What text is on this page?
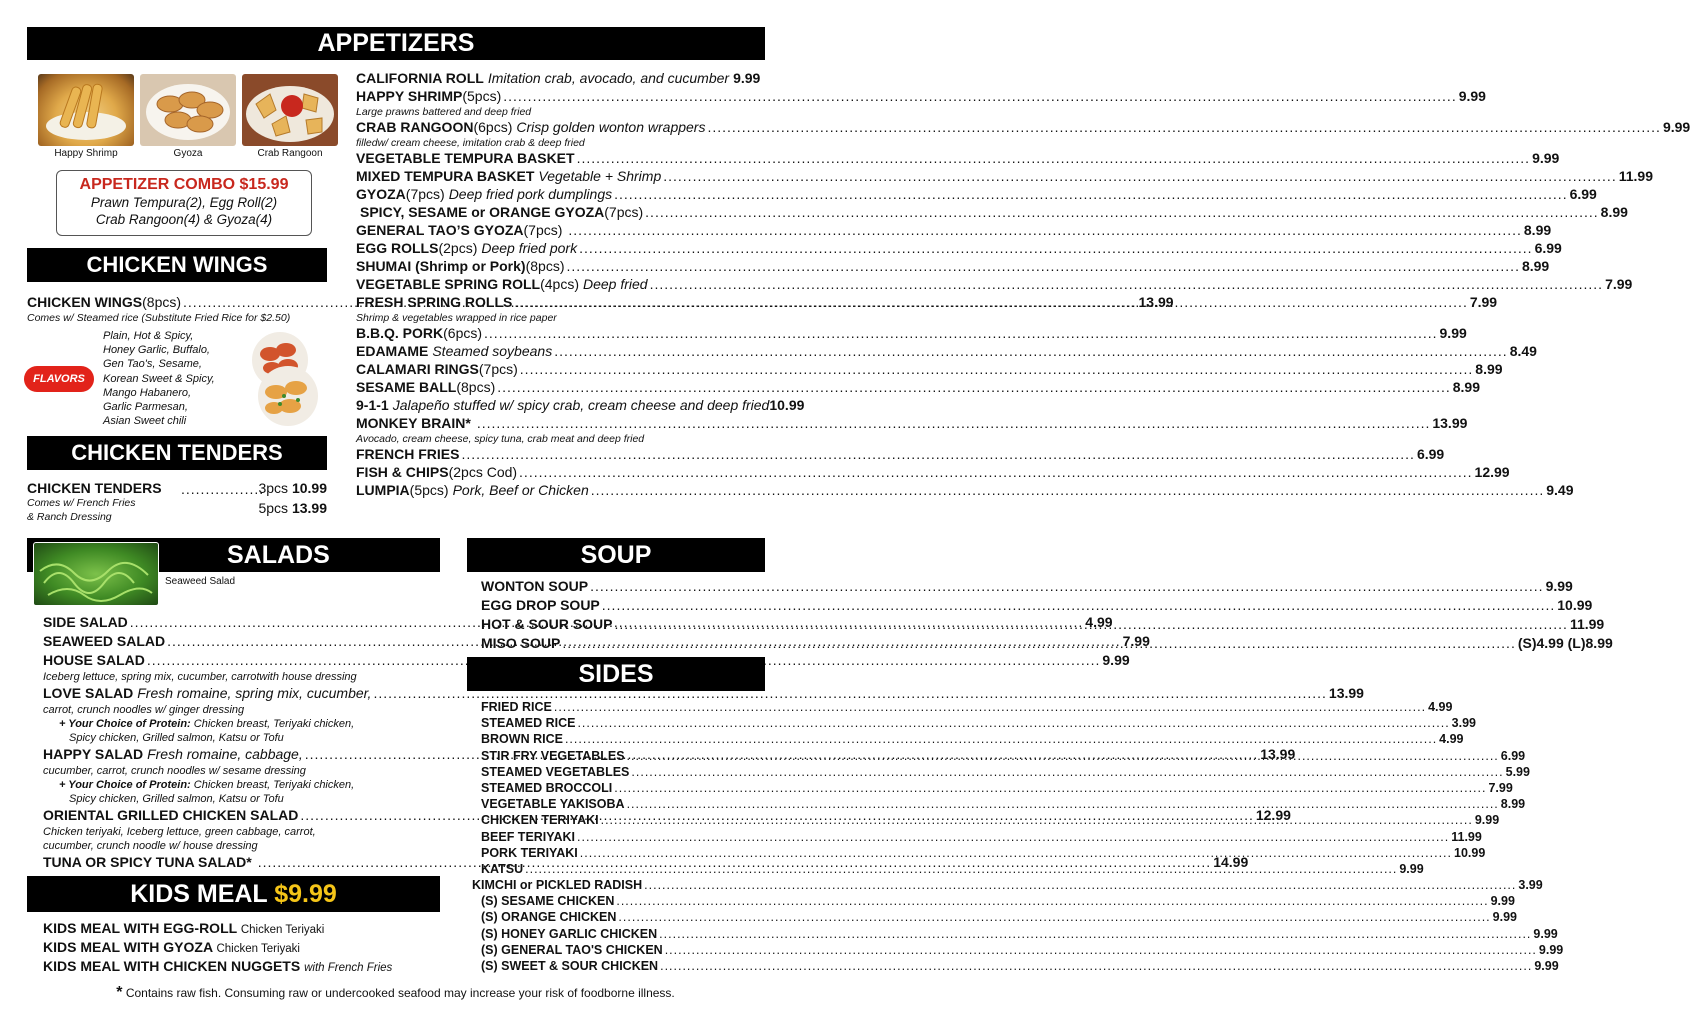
APPETIZERS
Happy Shrimp	Gyoza	Crab Rangoon
APPETIZER COMBO $15.99
Prawn Tempura(2), Egg Roll(2)
Crab Rangoon(4) & Gyoza(4)
CALIFORNIA ROLL Imitation crab, avocado, and cucumber 9.99
HAPPY SHRIMP(5pcs) .....	9.99
Large prawns battered and deep fried
CRAB RANGOON(6pcs) Crisp golden wonton wrappers .....	9.99
filledw/ cream cheese, imitation crab & deep fried
VEGETABLE TEMPURA BASKET .....	9.99
MIXED TEMPURA BASKET Vegetable + Shrimp .....	11.99
GYOZA(7pcs) Deep fried pork dumplings .....	6.99
SPICY, SESAME or ORANGE GYOZA(7pcs) .....	8.99
GENERAL TAO’S GYOZA(7pcs) .....	8.99
EGG ROLLS(2pcs) Deep fried pork .....	6.99
SHUMAI (Shrimp or Pork)(8pcs) .....	8.99
VEGETABLE SPRING ROLL(4pcs) Deep fried .....	7.99
FRESH SPRING ROLLS .....	7.99
Shrimp & vegetables wrapped in rice paper
B.B.Q. PORK(6pcs) .....	9.99
EDAMAME Steamed soybeans .....	8.49
CALAMARI RINGS(7pcs) .....	8.99
SESAME BALL(8pcs) .....	8.99
9-1-1 Jalapeño stuffed w/ spicy crab, cream cheese and deep fried 10.99
MONKEY BRAIN* .....	13.99
Avocado, cream cheese, spicy tuna, crab meat and deep fried
FRENCH FRIES .....	6.99
FISH & CHIPS(2pcs Cod) .....	12.99
LUMPIA(5pcs) Pork, Beef or Chicken .....	9.49
CHICKEN WINGS
CHICKEN WINGS(8pcs) .....	13.99
Comes w/ Steamed rice (Substitute Fried Rice for $2.50)
Plain, Hot & Spicy,
Honey Garlic, Buffalo,
Gen Tao's, Sesame,
Korean Sweet & Spicy,
Mango Habanero,
Garlic Parmesan,
Asian Sweet chili
FLAVORS
CHICKEN TENDERS
CHICKEN TENDERS .................
3pcs 10.99
Comes w/ French Fries
& Ranch Dressing
5pcs 13.99
SALADS
Seaweed Salad
SIDE SALAD .....	4.99
SEAWEED SALAD .....	7.99
HOUSE SALAD .....	9.99
Iceberg lettuce, spring mix, cucumber, carrotwith house dressing
LOVE SALAD Fresh romaine, spring mix, cucumber, .....	13.99
carrot, crunch noodles w/ ginger dressing
+ Your Choice of Protein: Chicken breast, Teriyaki chicken,
Spicy chicken, Grilled salmon, Katsu or Tofu
HAPPY SALAD Fresh romaine, cabbage, .....	13.99
cucumber, carrot, crunch noodles w/ sesame dressing
+ Your Choice of Protein: Chicken breast, Teriyaki chicken,
Spicy chicken, Grilled salmon, Katsu or Tofu
ORIENTAL GRILLED CHICKEN SALAD .....	12.99
Chicken teriyaki, Iceberg lettuce, green cabbage, carrot,
cucumber, crunch noodle w/ house dressing
TUNA OR SPICY TUNA SALAD* .....	14.99
KIDS MEAL $9.99
KIDS MEAL WITH EGG-ROLL Chicken Teriyaki
KIDS MEAL WITH GYOZA Chicken Teriyaki
KIDS MEAL WITH CHICKEN NUGGETS with French Fries
SOUP
WONTON SOUP .....	9.99
EGG DROP SOUP .....	10.99
HOT & SOUR SOUP .....	11.99
MISO SOUP .....	(S)4.99 (L)8.99
SIDES
FRIED RICE .....	4.99
STEAMED RICE .....	3.99
BROWN RICE .....	4.99
STIR FRY VEGETABLES .....	6.99
STEAMED VEGETABLES .....	5.99
STEAMED BROCCOLI .....	7.99
VEGETABLE YAKISOBA .....	8.99
CHICKEN TERIYAKI .....	9.99
BEEF TERIYAKI .....	11.99
PORK TERIYAKI .....	10.99
KATSU .....	9.99
KIMCHI or PICKLED RADISH .....	3.99
(S) SESAME CHICKEN .....	9.99
(S) ORANGE CHICKEN .....	9.99
(S) HONEY GARLIC CHICKEN .....	9.99
(S) GENERAL TAO'S CHICKEN .....	9.99
(S) SWEET & SOUR CHICKEN .....	9.99
* Contains raw fish. Consuming raw or undercooked seafood may increase your risk of foodborne illness.
